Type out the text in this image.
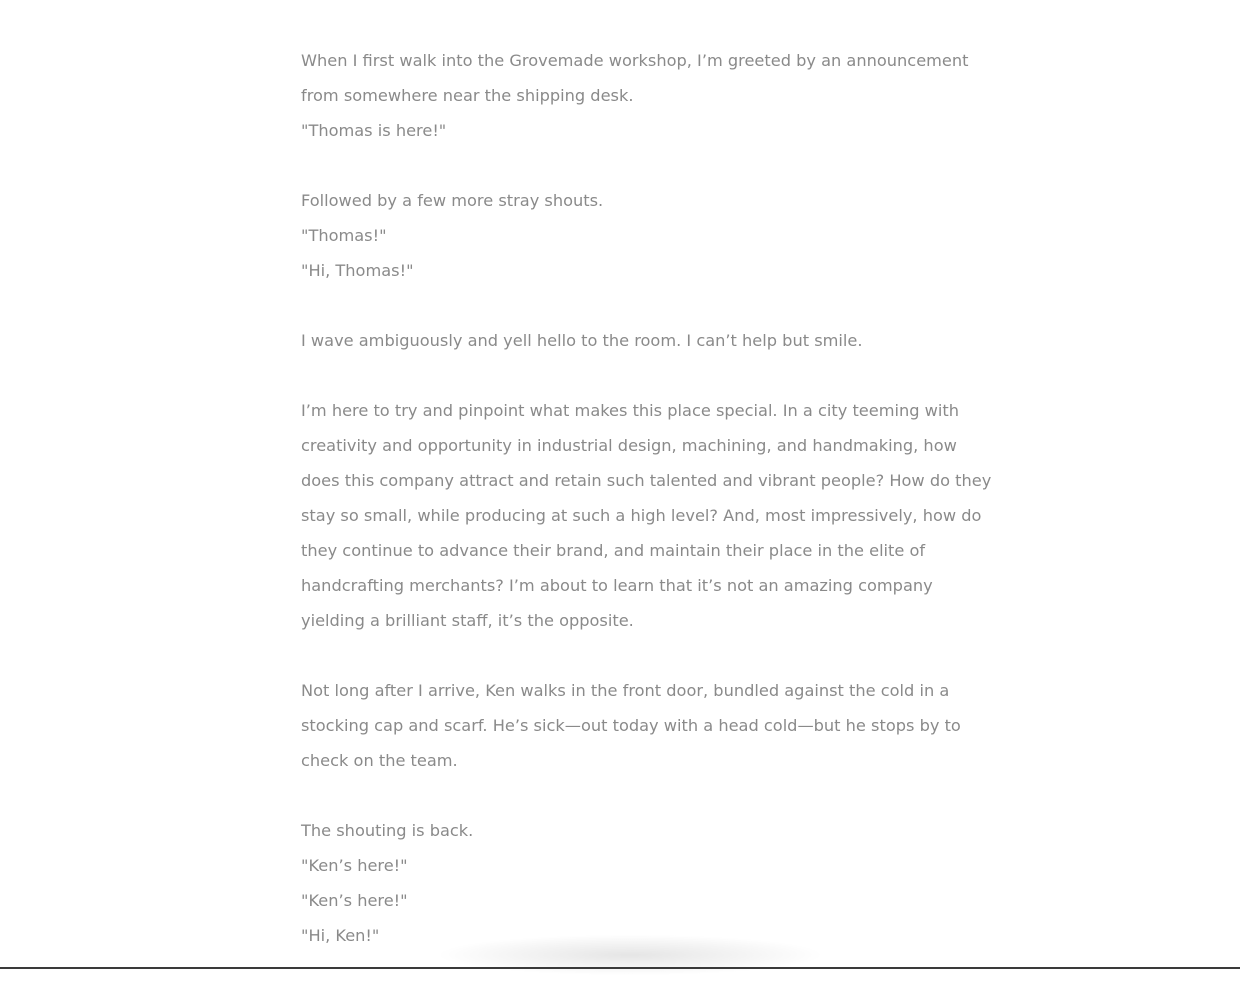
When I first walk into the Grovemade workshop, I’m greeted by an announcement
from somewhere near the shipping desk.
"Thomas is here!"

Followed by a few more stray shouts.
"Thomas!"
"Hi, Thomas!"

I wave ambiguously and yell hello to the room. I can’t help but smile.

I’m here to try and pinpoint what makes this place special. In a city teeming with
creativity and opportunity in industrial design, machining, and handmaking, how
does this company attract and retain such talented and vibrant people? How do they
stay so small, while producing at such a high level? And, most impressively, how do
they continue to advance their brand, and maintain their place in the elite of
handcrafting merchants? I’m about to learn that it’s not an amazing company
yielding a brilliant staff, it’s the opposite.

Not long after I arrive, Ken walks in the front door, bundled against the cold in a
stocking cap and scarf. He’s sick—out today with a head cold—but he stops by to
check on the team.

The shouting is back.
"Ken’s here!"
"Ken’s here!"
"Hi, Ken!"
